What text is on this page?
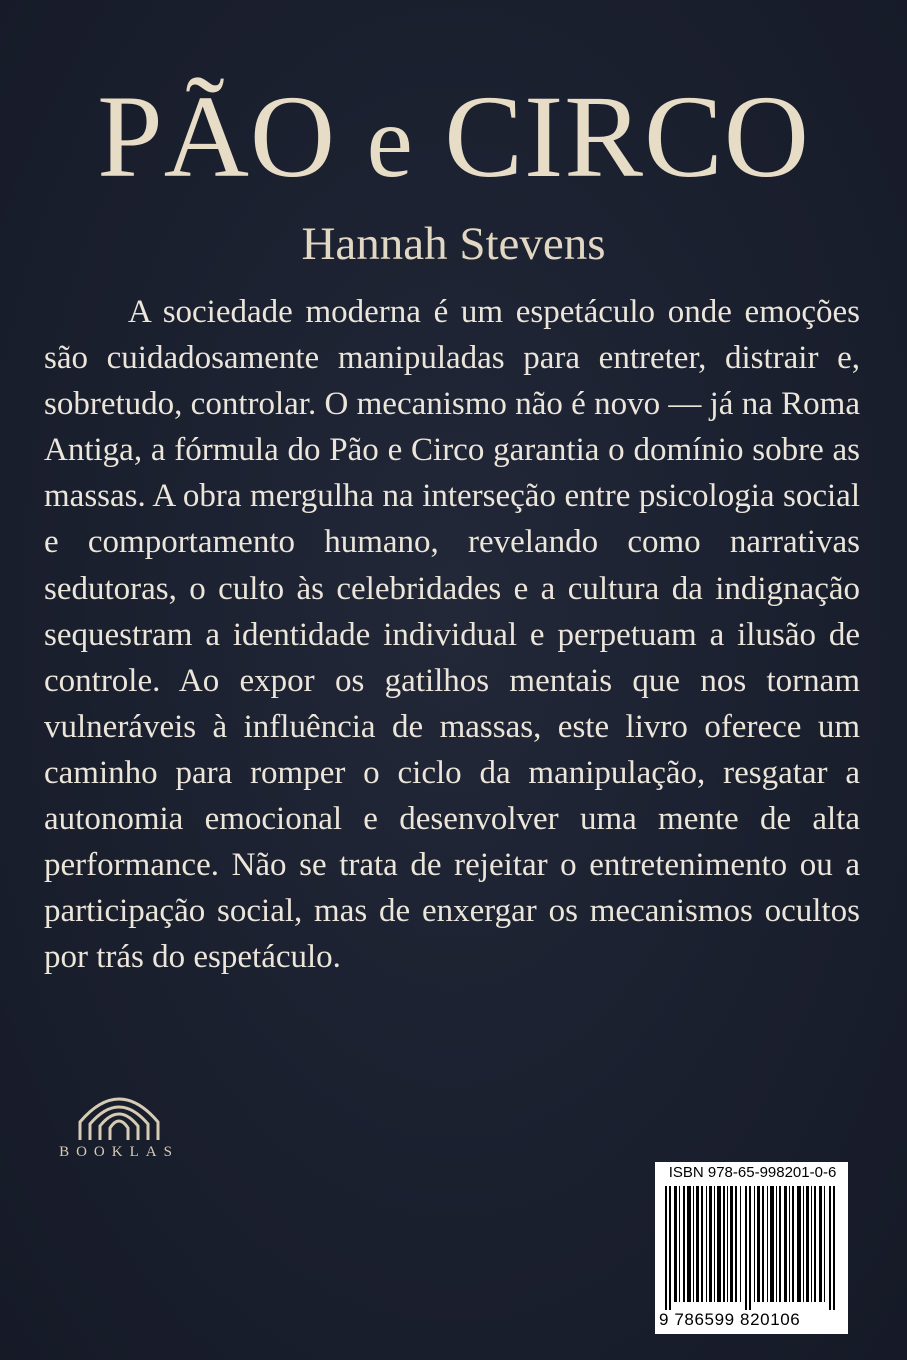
PÃO e CIRCO
Hannah Stevens

A sociedade moderna é um espetáculo onde emoções são cuidadosamente manipuladas para entreter, distrair e, sobretudo, controlar. O mecanismo não é novo — já na Roma Antiga, a fórmula do Pão e Circo garantia o domínio sobre as massas. A obra mergulha na interseção entre psicologia social e comportamento humano, revelando como narrativas sedutoras, o culto às celebridades e a cultura da indignação sequestram a identidade individual e perpetuam a ilusão de controle. Ao expor os gatilhos mentais que nos tornam vulneráveis à influência de massas, este livro oferece um caminho para romper o ciclo da manipulação, resgatar a autonomia emocional e desenvolver uma mente de alta performance. Não se trata de rejeitar o entretenimento ou a participação social, mas de enxergar os mecanismos ocultos por trás do espetáculo.

BOOKLAS
ISBN 978-65-998201-0-6
9 786599 820106
